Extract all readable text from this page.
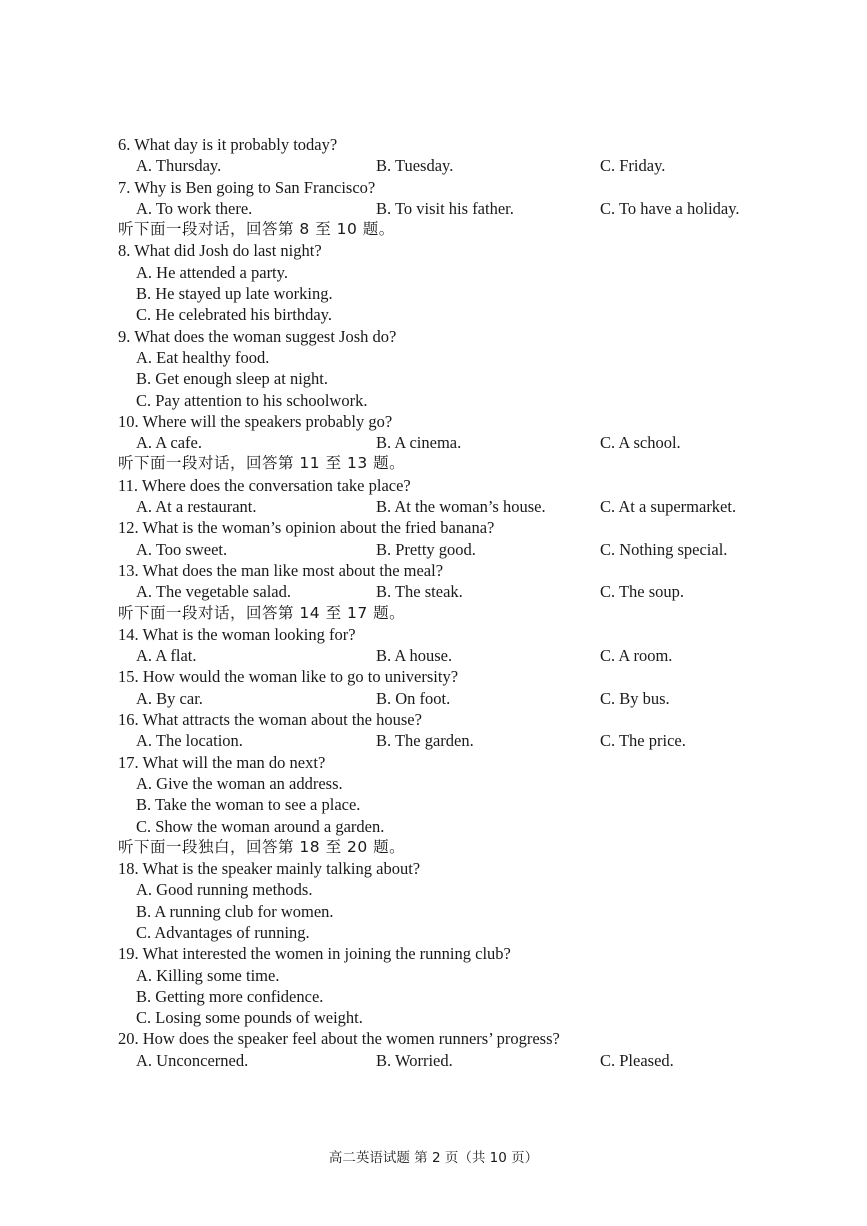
6. What day is it probably today?
A. Thursday.	B. Tuesday.	C. Friday.
7. Why is Ben going to San Francisco?
A. To work there.	B. To visit his father.	C. To have a holiday.
听下面一段对话，回答第 8 至 10 题。
8. What did Josh do last night?
A. He attended a party.
B. He stayed up late working.
C. He celebrated his birthday.
9. What does the woman suggest Josh do?
A. Eat healthy food.
B. Get enough sleep at night.
C. Pay attention to his schoolwork.
10. Where will the speakers probably go?
A. A cafe.	B. A cinema.	C. A school.
听下面一段对话，回答第 11 至 13 题。
11. Where does the conversation take place?
A. At a restaurant.	B. At the woman’s house.	C. At a supermarket.
12. What is the woman’s opinion about the fried banana?
A. Too sweet.	B. Pretty good.	C. Nothing special.
13. What does the man like most about the meal?
A. The vegetable salad.	B. The steak.	C. The soup.
听下面一段对话，回答第 14 至 17 题。
14. What is the woman looking for?
A. A flat.	B. A house.	C. A room.
15. How would the woman like to go to university?
A. By car.	B. On foot.	C. By bus.
16. What attracts the woman about the house?
A. The location.	B. The garden.	C. The price.
17. What will the man do next?
A. Give the woman an address.
B. Take the woman to see a place.
C. Show the woman around a garden.
听下面一段独白，回答第 18 至 20 题。
18. What is the speaker mainly talking about?
A. Good running methods.
B. A running club for women.
C. Advantages of running.
19. What interested the women in joining the running club?
A. Killing some time.
B. Getting more confidence.
C. Losing some pounds of weight.
20. How does the speaker feel about the women runners’ progress?
A. Unconcerned.	B. Worried.	C. Pleased.
高二英语试题 第 2 页（共 10 页）
